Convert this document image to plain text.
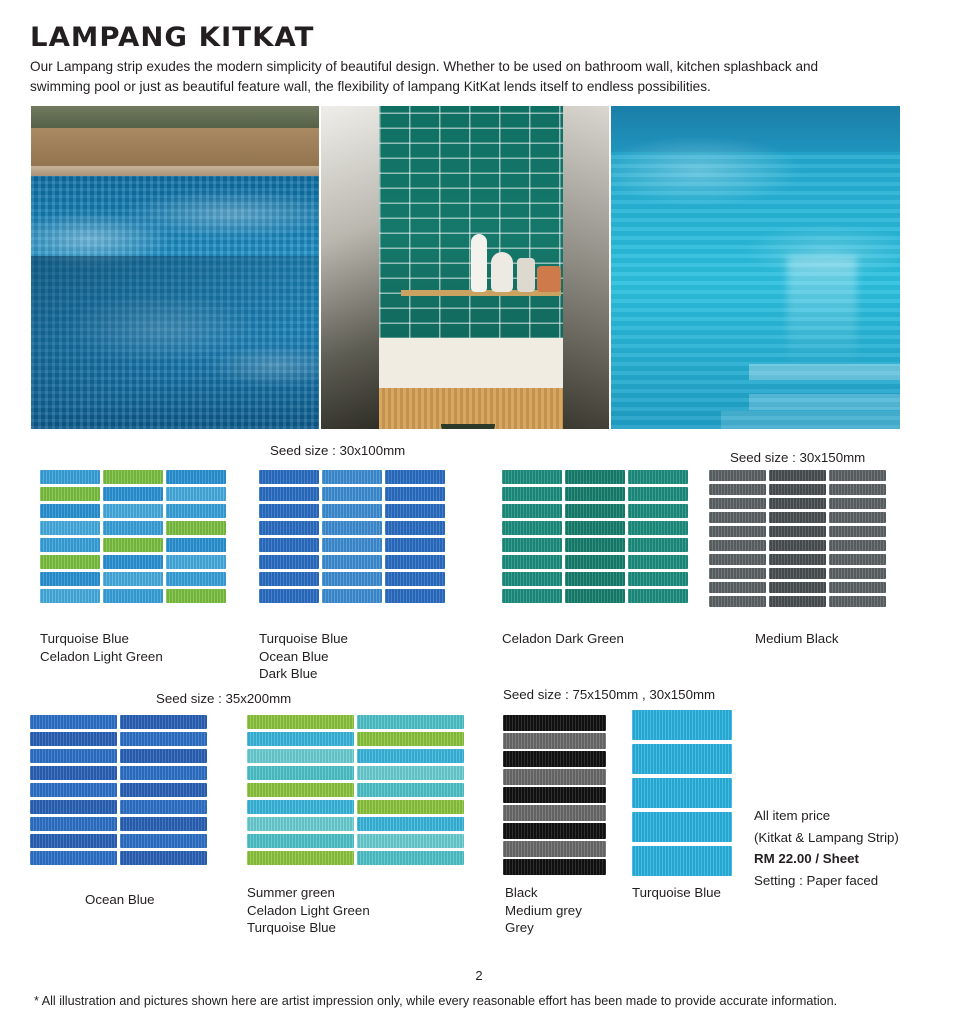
LAMPANG KITKAT
Our Lampang strip exudes the modern simplicity of beautiful design. Whether to be used on bathroom wall, kitchen splashback and swimming pool or just as beautiful feature wall, the flexibility of lampang KitKat lends itself to endless possibilities.
Seed size : 30x100mm	Seed size : 30x150mm
Seed size : 35x200mm	Seed size : 75x150mm , 30x150mm
Turquoise Blue
Celadon Light Green
Turquoise Blue
Ocean Blue
Dark Blue
Celadon Dark Green	Medium Black
Ocean Blue	Summer green
Celadon Light Green
Turquoise Blue
Black
Medium grey
Grey
Turquoise Blue
All item price
(Kitkat & Lampang Strip)
RM 22.00 / Sheet
Setting : Paper faced
2
* All illustration and pictures shown here are artist impression only, while every reasonable effort has been made to provide accurate information.
